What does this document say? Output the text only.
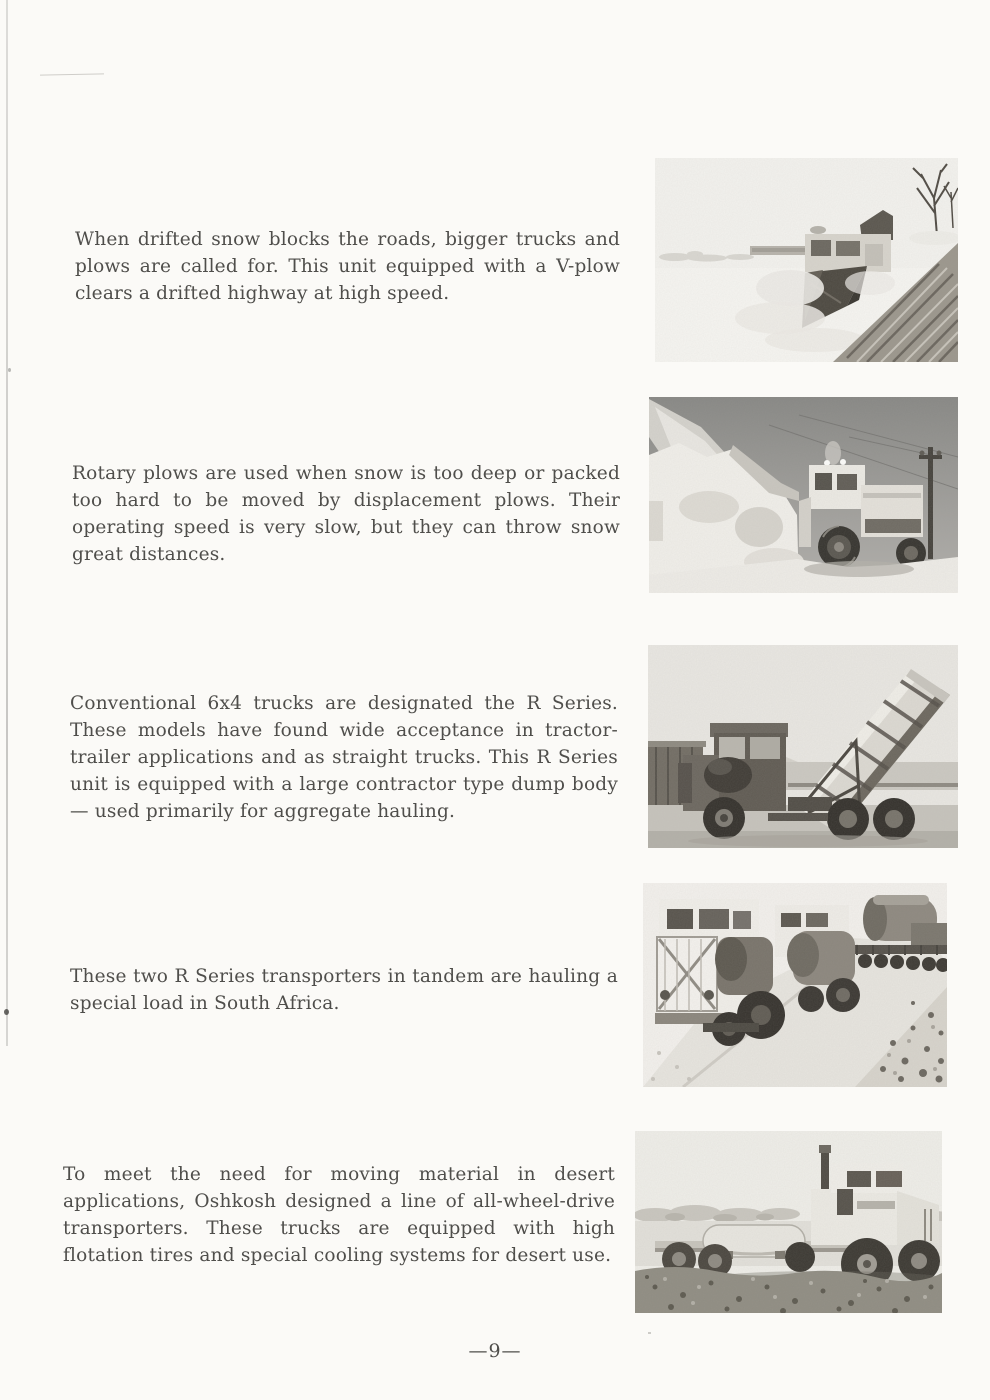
When drifted snow blocks the roads, bigger trucks and plows are called for. This unit equipped with a V-plow clears a drifted highway at high speed.

Rotary plows are used when snow is too deep or packed too hard to be moved by displacement plows. Their operating speed is very slow, but they can throw snow great distances.

Conventional 6x4 trucks are designated the R Series. These models have found wide acceptance in tractor-trailer applications and as straight trucks. This R Series unit is equipped with a large contractor type dump body — used primarily for aggregate hauling.

These two R Series transporters in tandem are hauling a special load in South Africa.

To meet the need for moving material in desert applications, Oshkosh designed a line of all-wheel-drive transporters. These trucks are equipped with high flotation tires and special cooling systems for desert use.

—9—
